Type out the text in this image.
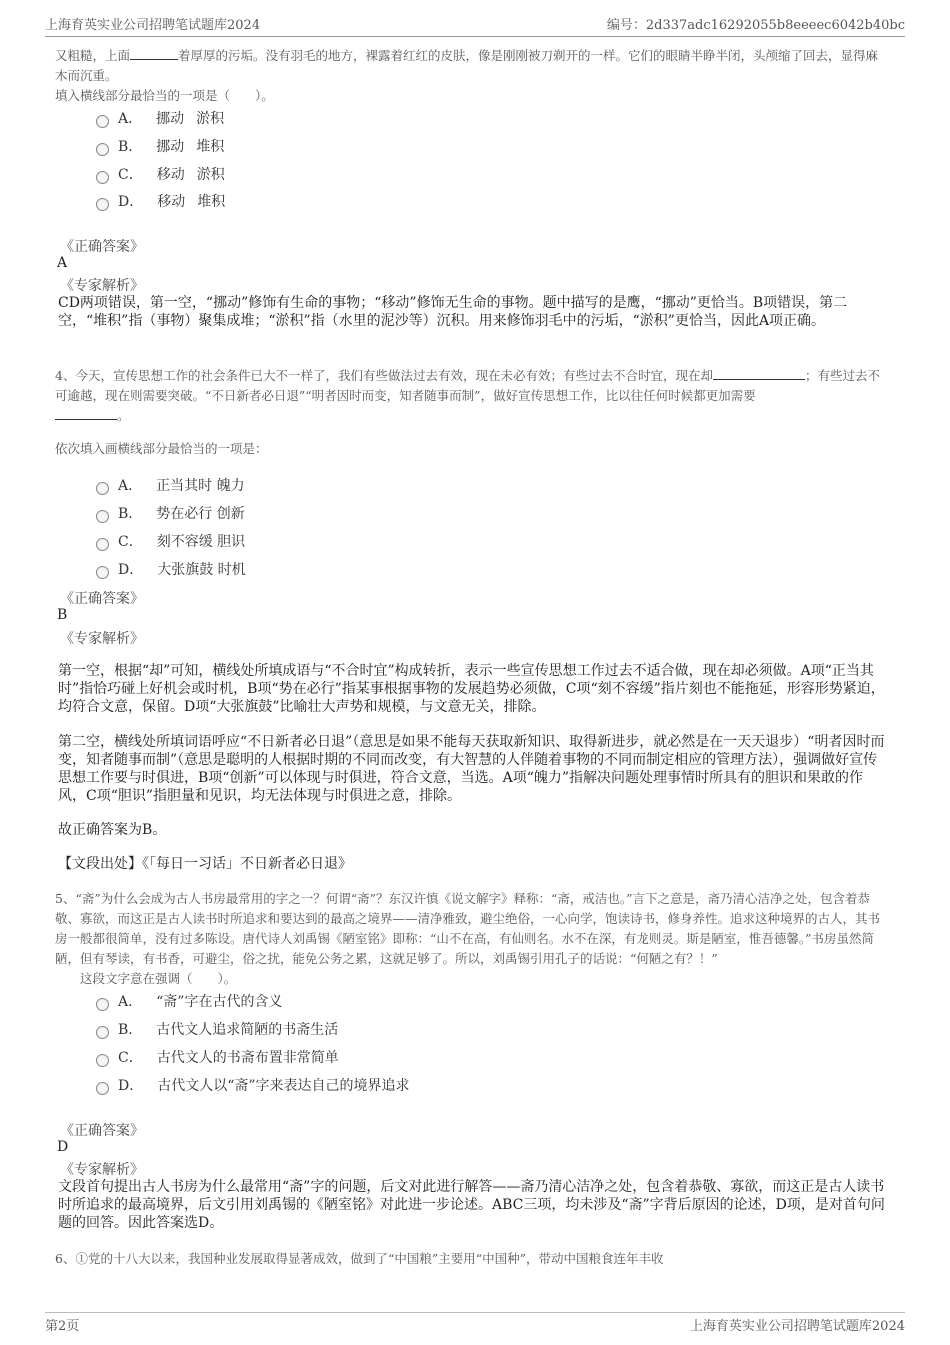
上海育英实业公司招聘笔试题库2024	编号：2d337adc16292055b8eeeec6042b40bc
又粗糙，上面	着厚厚的污垢。没有羽毛的地方，裸露着红红的皮肤，像是刚刚被刀剃开的一样。它们的眼睛半睁半闭，头颅缩了回去，显得麻木而沉重。
填入横线部分最恰当的一项是（　　）。
A． 挪动 淤积
B． 挪动 堆积
C． 移动 淤积
D． 移动 堆积
《正确答案》
A
《专家解析》
CD两项错误，第一空，“挪动”修饰有生命的事物；“移动”修饰无生命的事物。题中描写的是鹰，“挪动”更恰当。B项错误，第二空，“堆积”指（事物）聚集成堆；“淤积”指（水里的泥沙等）沉积。用来修饰羽毛中的污垢，“淤积”更恰当，因此A项正确。
4、今天，宣传思想工作的社会条件已大不一样了，我们有些做法过去有效，现在未必有效；有些过去不合时宜，现在却	；有些过去不可逾越，现在则需要突破。“不日新者必日退”“明者因时而变，知者随事而制”，做好宣传思想工作，比以往任何时候都更加需要
。
依次填入画横线部分最恰当的一项是：
A． 正当其时 魄力
B． 势在必行 创新
C． 刻不容缓 胆识
D． 大张旗鼓 时机
《正确答案》
B
《专家解析》
第一空，根据“却”可知，横线处所填成语与“不合时宜”构成转折，表示一些宣传思想工作过去不适合做，现在却必须做。A项“正当其时”指恰巧碰上好机会或时机，B项“势在必行”指某事根据事物的发展趋势必须做，C项“刻不容缓”指片刻也不能拖延，形容形势紧迫，均符合文意，保留。D项“大张旗鼓”比喻壮大声势和规模，与文意无关，排除。
第二空，横线处所填词语呼应“不日新者必日退”（意思是如果不能每天获取新知识、取得新进步，就必然是在一天天退步）“明者因时而变，知者随事而制”（意思是聪明的人根据时期的不同而改变，有大智慧的人伴随着事物的不同而制定相应的管理方法），强调做好宣传思想工作要与时俱进，B项“创新”可以体现与时俱进，符合文意，当选。A项“魄力”指解决问题处理事情时所具有的胆识和果敢的作风，C项“胆识”指胆量和见识，均无法体现与时俱进之意，排除。
故正确答案为B。
【文段出处】《「每日一习话」不日新者必日退》
5、“斋”为什么会成为古人书房最常用的字之一？何谓“斋”？东汉许慎《说文解字》释称：“斋，戒洁也。”言下之意是，斋乃清心洁净之处，包含着恭敬、寡欲，而这正是古人读书时所追求和要达到的最高之境界——清净雅致，避尘绝俗，一心向学，饱读诗书，修身养性。追求这种境界的古人，其书房一般都很简单，没有过多陈设。唐代诗人刘禹锡《陋室铭》即称：“山不在高，有仙则名。水不在深，有龙则灵。斯是陋室，惟吾德馨。”书房虽然简陋，但有琴读，有书香，可避尘，俗之扰，能免公务之累，这就足够了。所以，刘禹锡引用孔子的话说：“何陋之有？！”
这段文字意在强调（　　）。
A． “斋”字在古代的含义
B． 古代文人追求简陋的书斋生活
C． 古代文人的书斋布置非常简单
D． 古代文人以“斋”字来表达自己的境界追求
《正确答案》
D
《专家解析》
文段首句提出古人书房为什么最常用“斋”字的问题，后文对此进行解答——斋乃清心洁净之处，包含着恭敬、寡欲，而这正是古人读书时所追求的最高境界，后文引用刘禹锡的《陋室铭》对此进一步论述。ABC三项，均未涉及“斋”字背后原因的论述，D项，是对首句问题的回答。因此答案选D。
6、①党的十八大以来，我国种业发展取得显著成效，做到了“中国粮”主要用“中国种”，带动中国粮食连年丰收
第2页	上海育英实业公司招聘笔试题库2024
